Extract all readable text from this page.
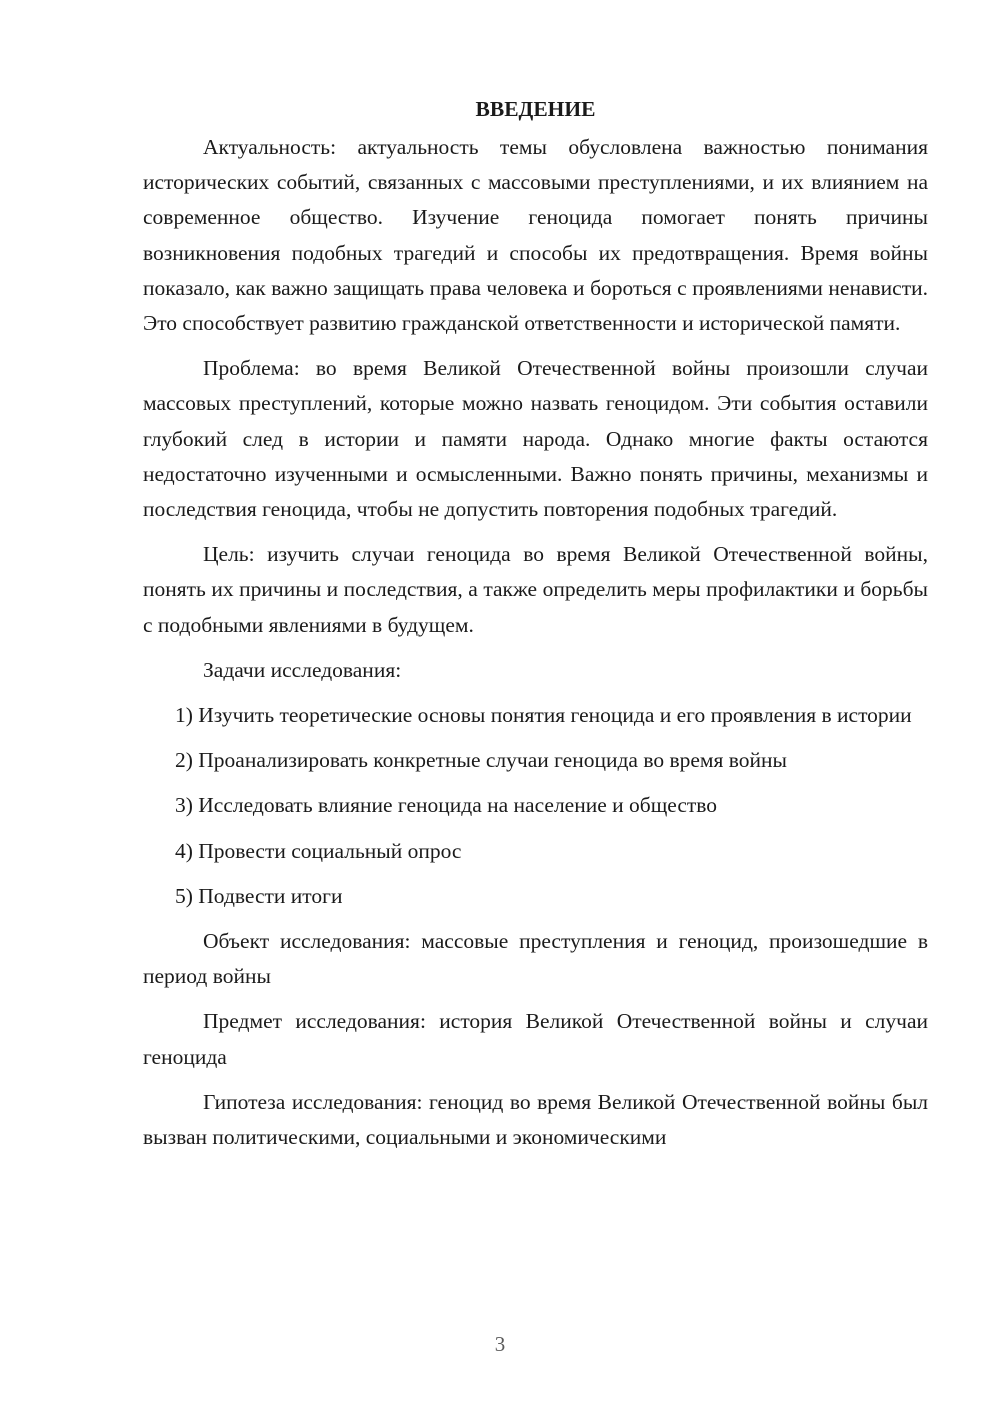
ВВЕДЕНИЕ

Актуальность: актуальность темы обусловлена важностью понимания исторических событий, связанных с массовыми преступлениями, и их влиянием на современное общество. Изучение геноцида помогает понять причины возникновения подобных трагедий и способы их предотвращения. Время войны показало, как важно защищать права человека и бороться с проявлениями ненависти. Это способствует развитию гражданской ответственности и исторической памяти.

Проблема: во время Великой Отечественной войны произошли случаи массовых преступлений, которые можно назвать геноцидом. Эти события оставили глубокий след в истории и памяти народа. Однако многие факты остаются недостаточно изученными и осмысленными. Важно понять причины, механизмы и последствия геноцида, чтобы не допустить повторения подобных трагедий.

Цель: изучить случаи геноцида во время Великой Отечественной войны, понять их причины и последствия, а также определить меры профилактики и борьбы с подобными явлениями в будущем.

Задачи исследования:

1) Изучить теоретические основы понятия геноцида и его проявления в истории

2) Проанализировать конкретные случаи геноцида во время войны

3) Исследовать влияние геноцида на население и общество

4) Провести социальный опрос

5) Подвести итоги

Объект исследования: массовые преступления и геноцид, произошедшие в период войны

Предмет исследования: история Великой Отечественной войны и случаи геноцида

Гипотеза исследования: геноцид во время Великой Отечественной войны был вызван политическими, социальными и экономическими

3
